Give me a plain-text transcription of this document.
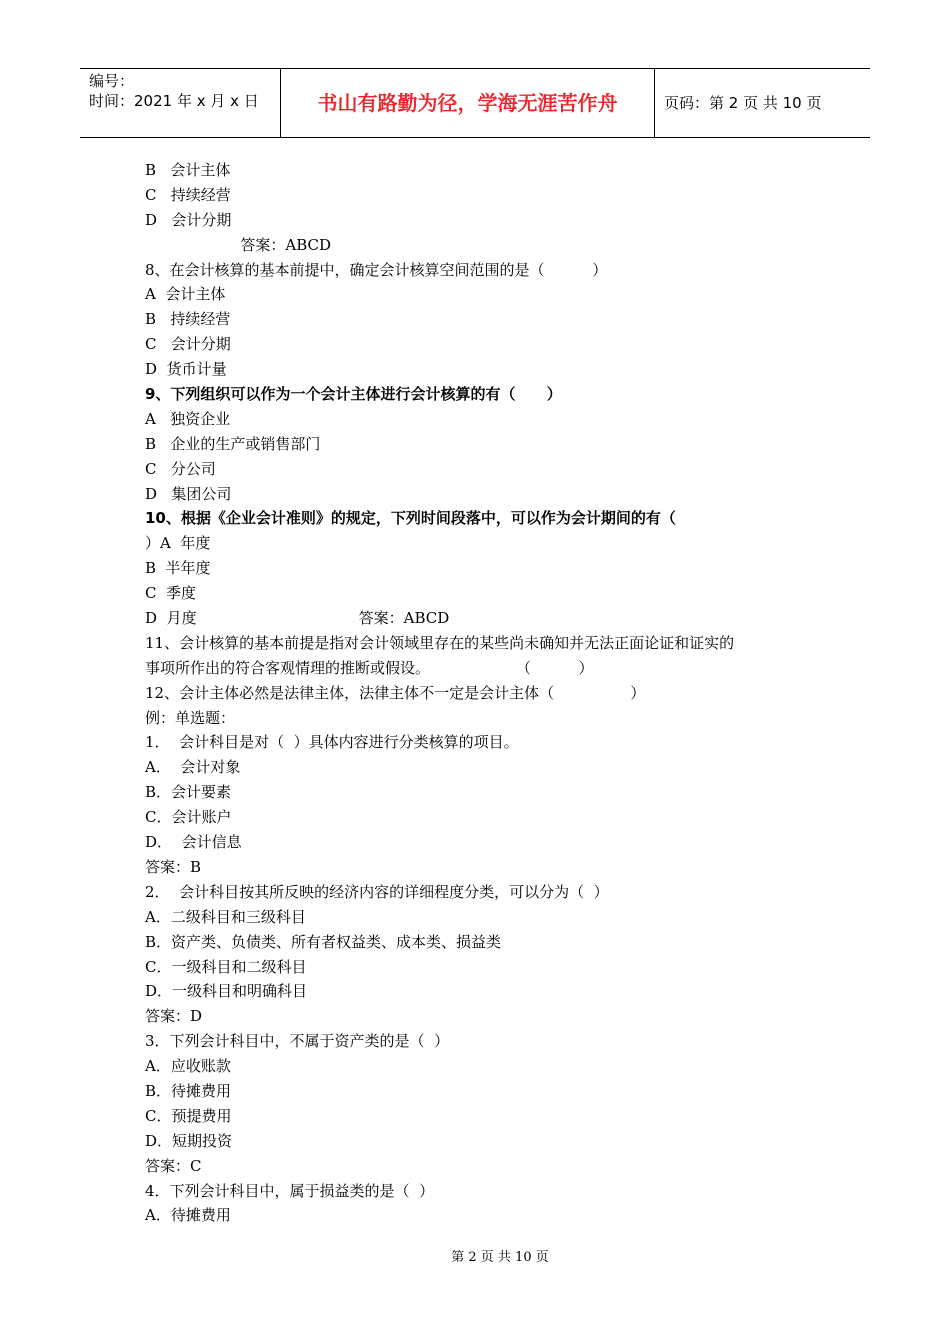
编号：
时间：2021 年 x 月 x 日	书山有路勤为径，学海无涯苦作舟	页码：第 2 页 共 10 页
B   会计主体
C   持续经营
D   会计分期
答案：ABCD
8、在会计核算的基本前提中，确定会计核算空间范围的是（          ）
A  会计主体
B   持续经营
C   会计分期
D  货币计量
9、下列组织可以作为一个会计主体进行会计核算的有（      ）
A   独资企业
B   企业的生产或销售部门
C   分公司
D   集团公司
10、根据《企业会计准则》的规定，下列时间段落中，可以作为会计期间的有（
）A  年度
B  半年度
C  季度
D  月度                                  答案：ABCD
11、会计核算的基本前提是指对会计领域里存在的某些尚未确知并无法正面论证和证实的
事项所作出的符合客观情理的推断或假设。                  （          ）
12、会计主体必然是法律主体，法律主体不一定是会计主体（                ）
例：单选题：
1．  会计科目是对（  ）具体内容进行分类核算的项目。
A．  会计对象
B．会计要素
C．会计账户
D．  会计信息
答案：B
2．  会计科目按其所反映的经济内容的详细程度分类，可以分为（  ）
A．二级科目和三级科目
B．资产类、负债类、所有者权益类、成本类、损益类
C．一级科目和二级科目
D．一级科目和明确科目
答案：D
3．下列会计科目中，不属于资产类的是（  ）
A．应收账款
B．待摊费用
C．预提费用
D．短期投资
答案：C
4．下列会计科目中，属于损益类的是（  ）
A．待摊费用
第 2 页 共 10 页
